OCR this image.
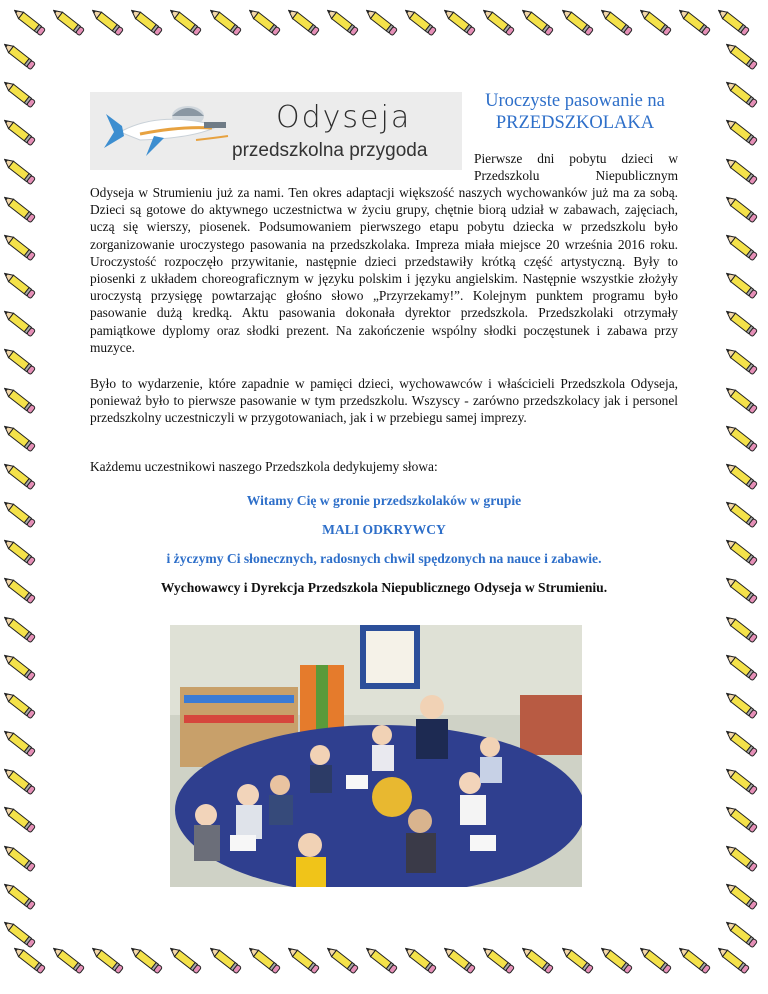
Odyseja
przedszkolna przygoda
Uroczyste pasowanie na
PRZEDSZKOLAKA
Pierwsze dni pobytu dzieci w
Przedszkolu	Niepublicznym
Odyseja w Strumieniu już za nami. Ten okres adaptacji większość naszych wychowanków już ma za sobą. Dzieci są gotowe do aktywnego uczestnictwa w życiu grupy, chętnie biorą udział w zabawach, zajęciach, uczą się wierszy, piosenek. Podsumowaniem pierwszego etapu pobytu dziecka w przedszkolu było zorganizowanie uroczystego pasowania na przedszkolaka. Impreza miała miejsce 20 września 2016 roku. Uroczystość rozpoczęło przywitanie, następnie dzieci przedstawiły krótką część artystyczną. Były to piosenki z układem choreograficznym w języku polskim i języku angielskim. Następnie wszystkie złożyły uroczystą przysięgę powtarzając głośno słowo „Przyrzekamy!”. Kolejnym punktem programu było pasowanie dużą kredką. Aktu pasowania dokonała dyrektor przedszkola. Przedszkolaki otrzymały pamiątkowe dyplomy oraz słodki prezent. Na zakończenie wspólny słodki poczęstunek i zabawa przy muzyce.
Było to wydarzenie, które zapadnie w pamięci dzieci, wychowawców i właścicieli Przedszkola Odyseja, ponieważ było to pierwsze pasowanie w tym przedszkolu. Wszyscy - zarówno przedszkolacy jak i personel przedszkolny uczestniczyli w przygotowaniach, jak i w przebiegu samej imprezy.
Każdemu uczestnikowi naszego Przedszkola dedykujemy słowa:
Witamy Cię w gronie przedszkolaków w grupie
MALI ODKRYWCY
i życzymy Ci słonecznych, radosnych chwil spędzonych na nauce i zabawie.
Wychowawcy i Dyrekcja Przedszkola Niepublicznego Odyseja w Strumieniu.
